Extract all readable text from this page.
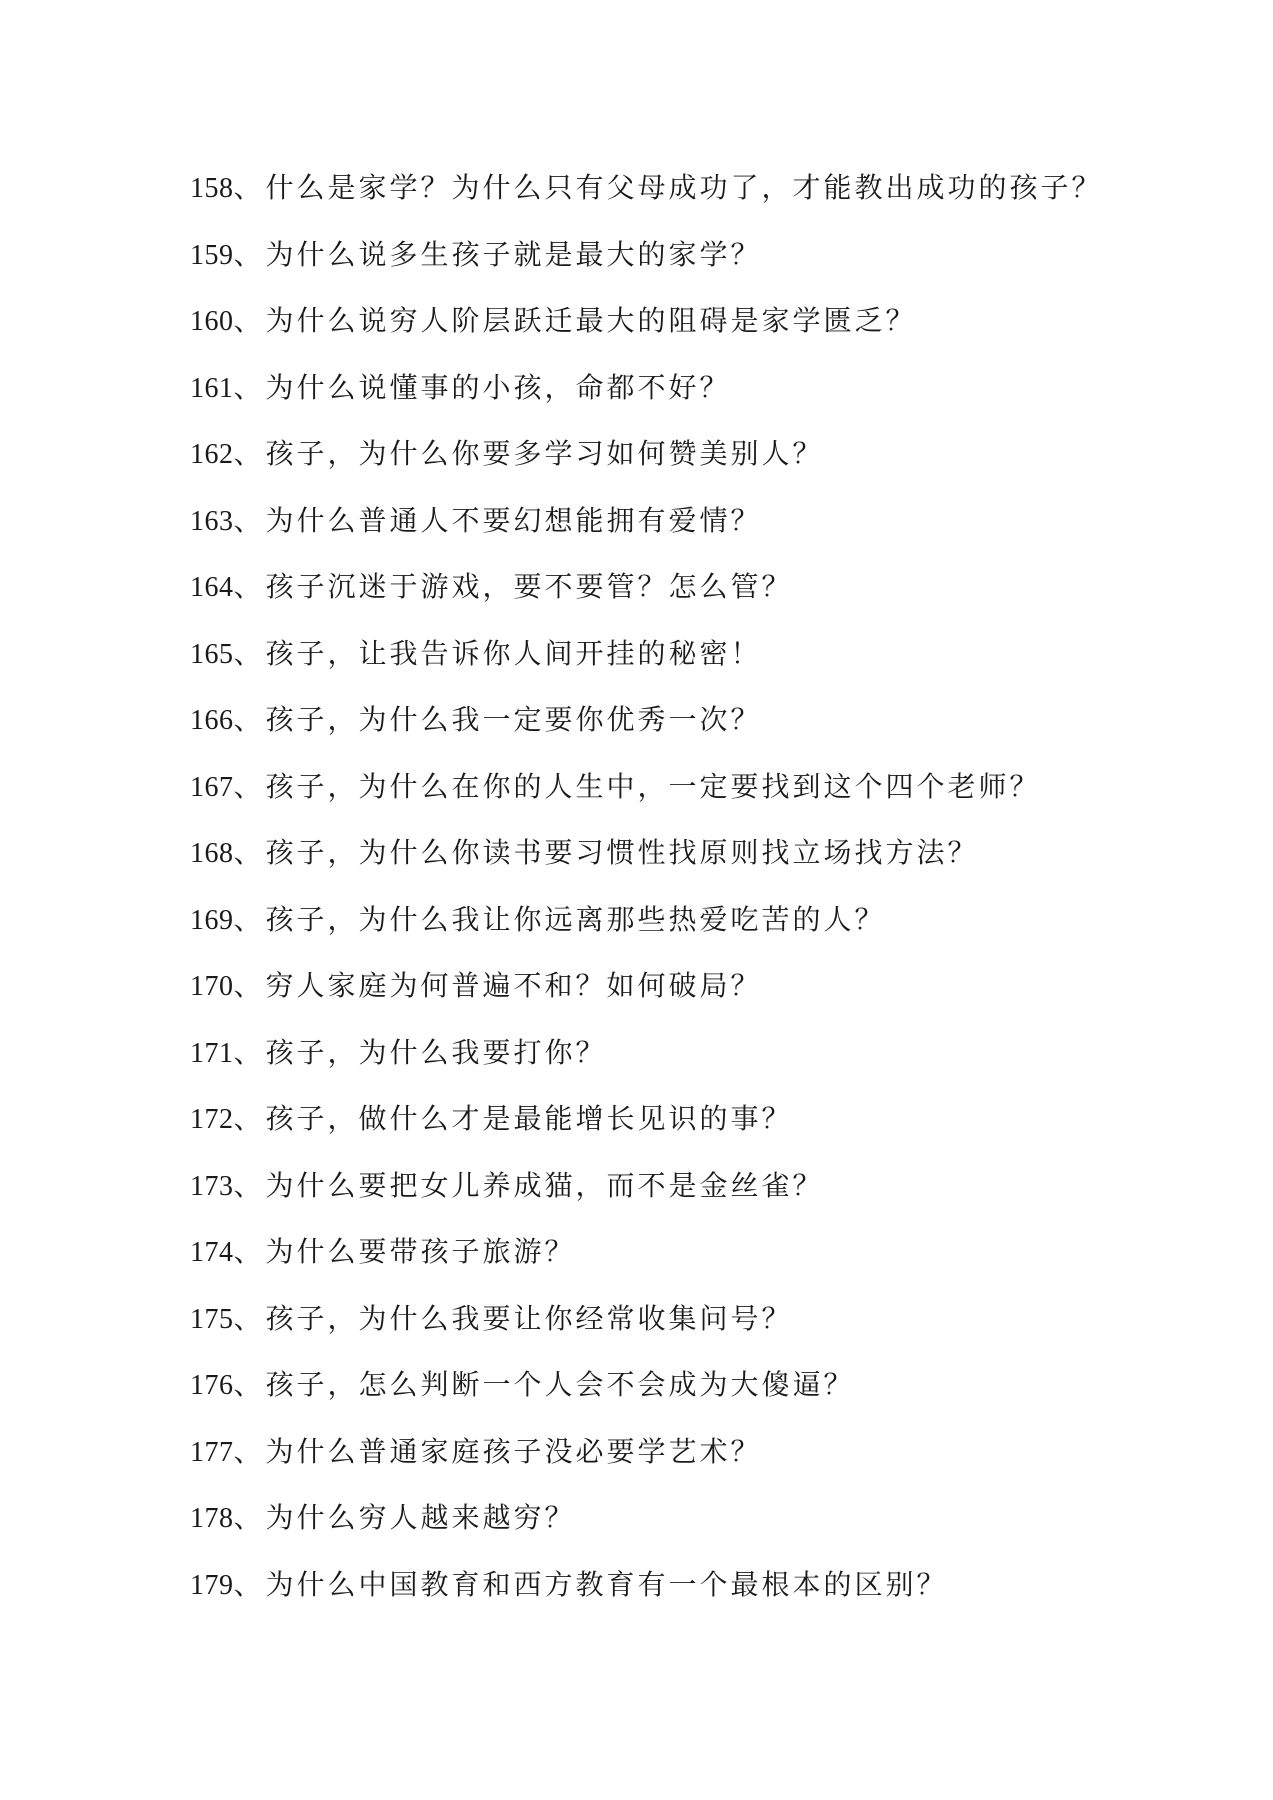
158、 什么是家学？为什么只有父母成功了，才能教出成功的孩子？
159、 为什么说多生孩子就是最大的家学？
160、 为什么说穷人阶层跃迁最大的阻碍是家学匮乏？
161、 为什么说懂事的小孩，命都不好？
162、 孩子，为什么你要多学习如何赞美别人？
163、 为什么普通人不要幻想能拥有爱情？
164、 孩子沉迷于游戏，要不要管？怎么管？
165、 孩子，让我告诉你人间开挂的秘密！
166、 孩子，为什么我一定要你优秀一次？
167、 孩子，为什么在你的人生中，一定要找到这个四个老师？
168、 孩子，为什么你读书要习惯性找原则找立场找方法？
169、 孩子，为什么我让你远离那些热爱吃苦的人？
170、 穷人家庭为何普遍不和？如何破局？
171、 孩子，为什么我要打你？
172、 孩子，做什么才是最能增长见识的事？
173、 为什么要把女儿养成猫，而不是金丝雀？
174、 为什么要带孩子旅游？
175、 孩子，为什么我要让你经常收集问号？
176、 孩子，怎么判断一个人会不会成为大傻逼？
177、 为什么普通家庭孩子没必要学艺术？
178、 为什么穷人越来越穷？
179、 为什么中国教育和西方教育有一个最根本的区别？
